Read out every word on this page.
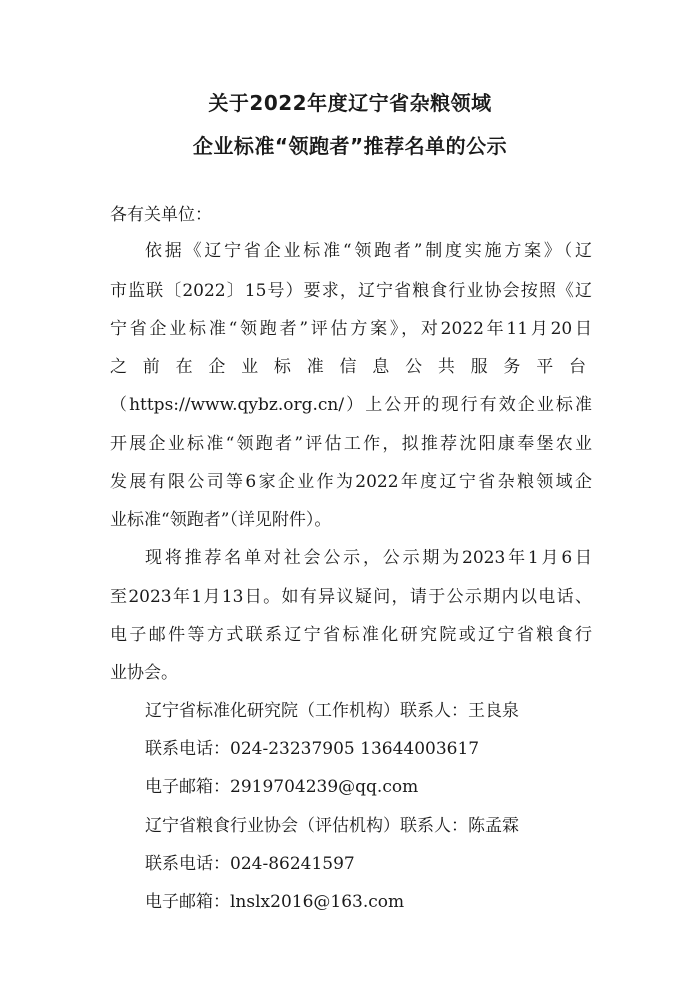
关于2022年度辽宁省杂粮领域
企业标准“领跑者”推荐名单的公示
各有关单位：
依据《辽宁省企业标准“领跑者”制度实施方案》（辽
市监联〔2022〕15号）要求，辽宁省粮食行业协会按照《辽
宁省企业标准“领跑者”评估方案》，对2022年11月20日
之前在企业标准信息公共服务平台
（https://www.qybz.org.cn/）上公开的现行有效企业标准
开展企业标准“领跑者”评估工作，拟推荐沈阳康奉堡农业
发展有限公司等6家企业作为2022年度辽宁省杂粮领域企
业标准“领跑者”（详见附件）。
现将推荐名单对社会公示，公示期为2023年1月6日
至2023年1月13日。如有异议疑问，请于公示期内以电话、
电子邮件等方式联系辽宁省标准化研究院或辽宁省粮食行
业协会。
辽宁省标准化研究院（工作机构）联系人：王良泉
联系电话：024-23237905 13644003617
电子邮箱：2919704239@qq.com
辽宁省粮食行业协会（评估机构）联系人：陈孟霖
联系电话：024-86241597
电子邮箱：lnslx2016@163.com
